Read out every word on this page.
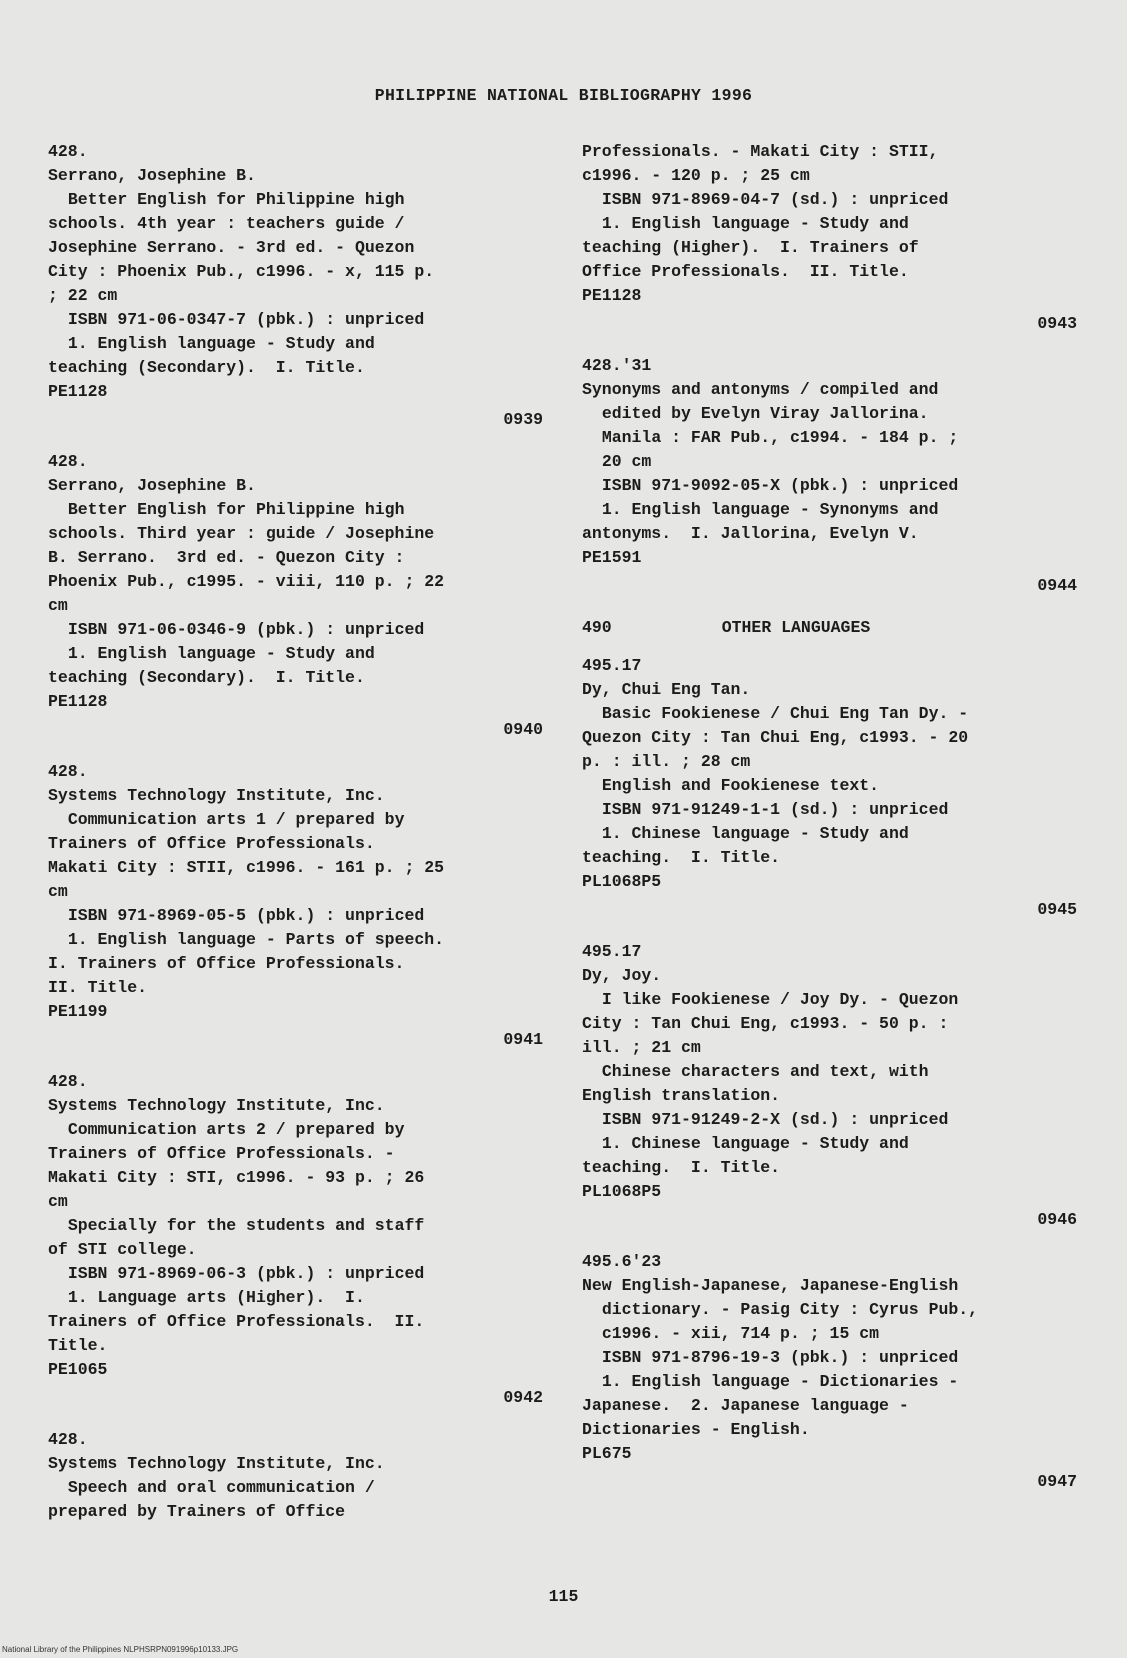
PHILIPPINE NATIONAL BIBLIOGRAPHY 1996

428.

Serrano, Josephine B.

Better English for Philippine high

schools. 4th year : teachers guide /

Josephine Serrano. - 3rd ed. - Quezon

City : Phoenix Pub., c1996. - x, 115 p.

; 22 cm

ISBN 971-06-0347-7 (pbk.) : unpriced

1. English language - Study and

teaching (Secondary).  I. Title.

PE1128

0939

428.

Serrano, Josephine B.

Better English for Philippine high

schools. Third year : guide / Josephine

B. Serrano.  3rd ed. - Quezon City :

Phoenix Pub., c1995. - viii, 110 p. ; 22

cm

ISBN 971-06-0346-9 (pbk.) : unpriced

1. English language - Study and

teaching (Secondary).  I. Title.

PE1128

0940

428.

Systems Technology Institute, Inc.

Communication arts 1 / prepared by

Trainers of Office Professionals.

Makati City : STII, c1996. - 161 p. ; 25

cm

ISBN 971-8969-05-5 (pbk.) : unpriced

1. English language - Parts of speech.

I. Trainers of Office Professionals.

II. Title.

PE1199

0941

428.

Systems Technology Institute, Inc.

Communication arts 2 / prepared by

Trainers of Office Professionals. -

Makati City : STI, c1996. - 93 p. ; 26

cm

Specially for the students and staff

of STI college.

ISBN 971-8969-06-3 (pbk.) : unpriced

1. Language arts (Higher).  I.

Trainers of Office Professionals.  II.

Title.

PE1065

0942

428.

Systems Technology Institute, Inc.

Speech and oral communication /

prepared by Trainers of Office

Professionals. - Makati City : STII,

c1996. - 120 p. ; 25 cm

ISBN 971-8969-04-7 (sd.) : unpriced

1. English language - Study and

teaching (Higher).  I. Trainers of

Office Professionals.  II. Title.

PE1128

0943

428.'31

Synonyms and antonyms / compiled and

edited by Evelyn Viray Jallorina.

Manila : FAR Pub., c1994. - 184 p. ;

20 cm

ISBN 971-9092-05-X (pbk.) : unpriced

1. English language - Synonyms and

antonyms.  I. Jallorina, Evelyn V.

PE1591

0944
490	OTHER LANGUAGES

495.17

Dy, Chui Eng Tan.

Basic Fookienese / Chui Eng Tan Dy. -

Quezon City : Tan Chui Eng, c1993. - 20

p. : ill. ; 28 cm

English and Fookienese text.

ISBN 971-91249-1-1 (sd.) : unpriced

1. Chinese language - Study and

teaching.  I. Title.

PL1068P5

0945

495.17

Dy, Joy.

I like Fookienese / Joy Dy. - Quezon

City : Tan Chui Eng, c1993. - 50 p. :

ill. ; 21 cm

Chinese characters and text, with

English translation.

ISBN 971-91249-2-X (sd.) : unpriced

1. Chinese language - Study and

teaching.  I. Title.

PL1068P5

0946

495.6'23

New English-Japanese, Japanese-English

dictionary. - Pasig City : Cyrus Pub.,

c1996. - xii, 714 p. ; 15 cm

ISBN 971-8796-19-3 (pbk.) : unpriced

1. English language - Dictionaries -

Japanese.  2. Japanese language -

Dictionaries - English.

PL675

0947
115
National Library of the Philippines NLPHSRPN091996p10133.JPG
